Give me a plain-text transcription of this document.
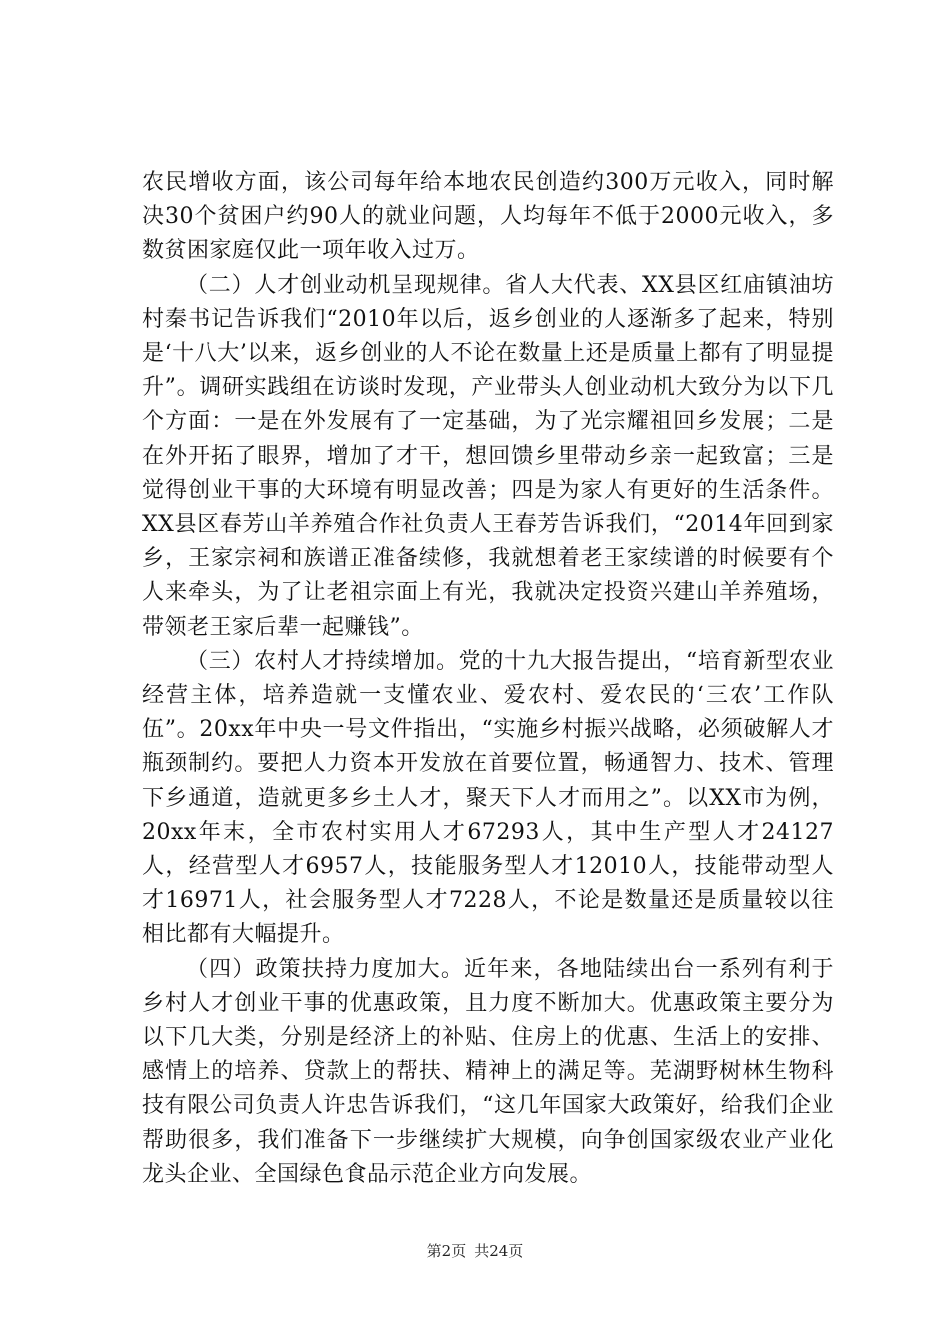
农民增收方面，该公司每年给本地农民创造约300万元收入，同时解决30个贫困户约90人的就业问题，人均每年不低于2000元收入，多数贫困家庭仅此一项年收入过万。

（二）人才创业动机呈现规律。省人大代表、XX县区红庙镇油坊村秦书记告诉我们“2010年以后，返乡创业的人逐渐多了起来，特别是‘十八大’以来，返乡创业的人不论在数量上还是质量上都有了明显提升”。调研实践组在访谈时发现，产业带头人创业动机大致分为以下几个方面：一是在外发展有了一定基础，为了光宗耀祖回乡发展；二是在外开拓了眼界，增加了才干，想回馈乡里带动乡亲一起致富；三是觉得创业干事的大环境有明显改善；四是为家人有更好的生活条件。XX县区春芳山羊养殖合作社负责人王春芳告诉我们，“2014年回到家乡，王家宗祠和族谱正准备续修，我就想着老王家续谱的时候要有个人来牵头，为了让老祖宗面上有光，我就决定投资兴建山羊养殖场，带领老王家后辈一起赚钱”。

（三）农村人才持续增加。党的十九大报告提出，“培育新型农业经营主体，培养造就一支懂农业、爱农村、爱农民的‘三农’工作队伍”。20xx年中央一号文件指出，“实施乡村振兴战略，必须破解人才瓶颈制约。要把人力资本开发放在首要位置，畅通智力、技术、管理下乡通道，造就更多乡土人才，聚天下人才而用之”。以XX市为例，20xx年末，全市农村实用人才67293人，其中生产型人才24127人，经营型人才6957人，技能服务型人才12010人，技能带动型人才16971人，社会服务型人才7228人，不论是数量还是质量较以往相比都有大幅提升。

（四）政策扶持力度加大。近年来，各地陆续出台一系列有利于乡村人才创业干事的优惠政策，且力度不断加大。优惠政策主要分为以下几大类，分别是经济上的补贴、住房上的优惠、生活上的安排、感情上的培养、贷款上的帮扶、精神上的满足等。芜湖野树林生物科技有限公司负责人许忠告诉我们，“这几年国家大政策好，给我们企业帮助很多，我们准备下一步继续扩大规模，向争创国家级农业产业化龙头企业、全国绿色食品示范企业方向发展。

第2页 共24页
